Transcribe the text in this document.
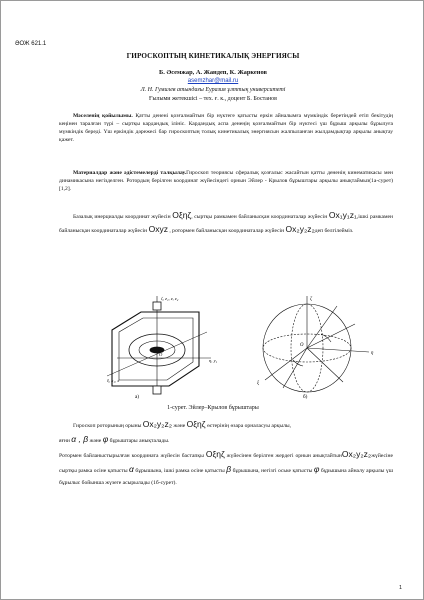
ӘОЖ 621.1
ГИРОСКОПТЫҢ КИНЕТИКАЛЫҚ ЭНЕРГИЯСЫ
Б. Әсемжар, А. Жандеп, К. Жаркенов
asemzhar@mail.ru
Л. Н. Гумилев атындағы Еуразия ұлттық университеті
Ғылыми жетекшісі – тех. ғ. к., доцент Б. Бостанов
Мәселенің қойылымы. Қатты денені қозғалмайтын бір нүктеге қатысты еркін айналымға мүмкіндік беретіндей етіп бекітудің кеңінен таралған түрі – сыртқы кардандық ілініс. Кардандық аспа денеңің қозғалмайтын бір нүктесі үш бұрыш арқылы бұрылуға мүмкіндік береді. Үш еркіндік дәрежесі бар гироскоптың толық кинетикалық энергиясын жалпыланған жылдамдықтар арқылы анықтау қажет.
Материалдар және әдістемелерді талқылау.Гироскоп теориясы сфералық қозғалыс жасайтын қатты дененің кинематикасы мен динамикасына негізделген. Ротордың берілген координат жүйесіндегі орнын Эйлер - Крылов бұрыштары арқылы анықтаймыз(1а-сурет) [1,2].
Базалық инерциалды координат жүйесін Oξηζ, сыртқы рамкамен байланысқан координаталар жүйесін Ox₁y₁z₁,ішкі рамкамен байланысқан координаталар жүйесін Oxyz , ротормен байланысқан координаталар жүйесін Ox₂y₂z₂деп белгілейміз.
ζ, z₁, z, z₂
η, y₁
ξ, x₁, x
O
а)
ζ
η
ξ
O
б)
1-сурет. Эйлер–Крылов бұрыштары
Гироскоп роторының орыны Ox₂y₂z₂ және Oξηζ өстерінің өзара орналасуы арқылы,
яғни α , β және φ бұрыштары анықталады.
Ротормен байланыстырылған координата жүйесін бастапқы Oξηζ жүйесінен берілген жердегі орнын анықтайтынOx₂y₂z₂жүйесіне сыртқы рамка осіне қатысты α бұрышына, ішкі рамка осіне қатысты β бұрышына, негізгі оське қатысты φ бұрышына айналу арқылы үш бұрылыс бойынша жүзеге асырылады (1б-сурет).
1
